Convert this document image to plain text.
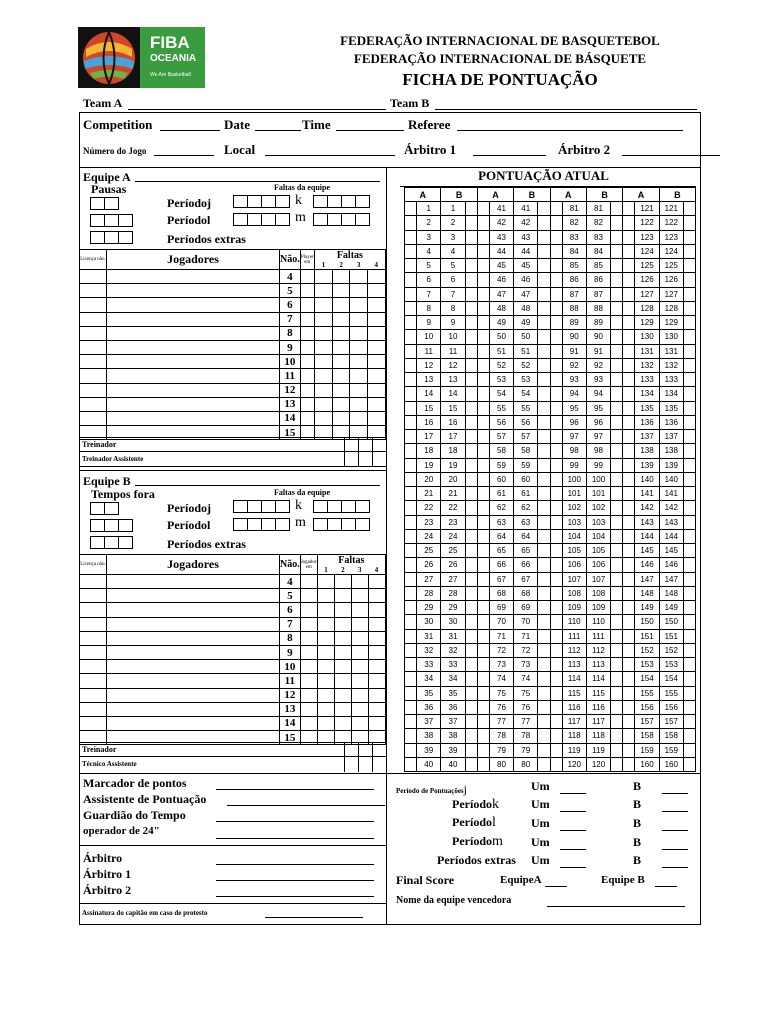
FIBA
OCEANIA
We Are Basketball
FEDERAÇÃO INTERNACIONAL DE BASQUETEBOL
FEDERAÇÃO INTERNACIONAL DE BÁSQUETE
FICHA DE PONTUAÇÃO
Team A	Team B
Competition	Date	Time	Referee
Número do Jogo	Local	Árbitro 1	Árbitro 2
Equipe A
Pausas	Faltas da equipe
Períodoj
Períodol
Períodos extras
k
m
Licença não.	Jogadores	Não.	Player em	Faltas
1 2 3 4			

		4					
		5					
		6					
		7					
		8					
		9					
		10					
		11					
		12					
		13					
		14					
		15					
Treinador
Treinador Assistente
Equipe B
Tempos fora	Faltas da equipe
Períodoj
Períodol
Períodos extras
k
m
Licença não.	Jogadores	Não.	Jogador em	Faltas
1 2 3 4			

		4					
		5					
		6					
		7					
		8					
		9					
		10					
		11					
		12					
		13					
		14					
		15					
Treinador
Técnico Assistente
PONTUAÇÃO ATUAL
A		B		A		B		A		B		A		B	
	1	1			41	41			81	81			121	121	
	2	2			42	42			82	82			122	122	
	3	3			43	43			83	83			123	123	
	4	4			44	44			84	84			124	124	
	5	5			45	45			85	85			125	125	
	6	6			46	46			86	86			126	126	
	7	7			47	47			87	87			127	127	
	8	8			48	48			88	88			128	128	
	9	9			49	49			89	89			129	129	
	10	10			50	50			90	90			130	130	
	11	11			51	51			91	91			131	131	
	12	12			52	52			92	92			132	132	
	13	13			53	53			93	93			133	133	
	14	14			54	54			94	94			134	134	
	15	15			55	55			95	95			135	135	
	16	16			56	56			96	96			136	136	
	17	17			57	57			97	97			137	137	
	18	18			58	58			98	98			138	138	
	19	19			59	59			99	99			139	139	
	20	20			60	60			100	100			140	140	
	21	21			61	61			101	101			141	141	
	22	22			62	62			102	102			142	142	
	23	23			63	63			103	103			143	143	
	24	24			64	64			104	104			144	144	
	25	25			65	65			105	105			145	145	
	26	26			66	66			106	106			146	146	
	27	27			67	67			107	107			147	147	
	28	28			68	68			108	108			148	148	
	29	29			69	69			109	109			149	149	
	30	30			70	70			110	110			150	150	
	31	31			71	71			111	111			151	151	
	32	32			72	72			112	112			152	152	
	33	33			73	73			113	113			153	153	
	34	34			74	74			114	114			154	154	
	35	35			75	75			115	115			155	155	
	36	36			76	76			116	116			156	156	
	37	37			77	77			117	117			157	157	
	38	38			78	78			118	118			158	158	
	39	39			79	79			119	119			159	159	
	40	40			80	80			120	120			160	160	
Marcador de pontos
Assistente de Pontuação
Guardião do Tempo
operador de 24"
Árbitro
Árbitro 1
Árbitro 2
Assinatura do capitão em caso de protesto
Período de Pontuaçõesj
Períodok
Períodol
Períodom
Períodos extras
Um	B
Um	B
Um	B
Um	B
Um	B
Final Score	EquipeA	Equipe B
Nome da equipe vencedora
